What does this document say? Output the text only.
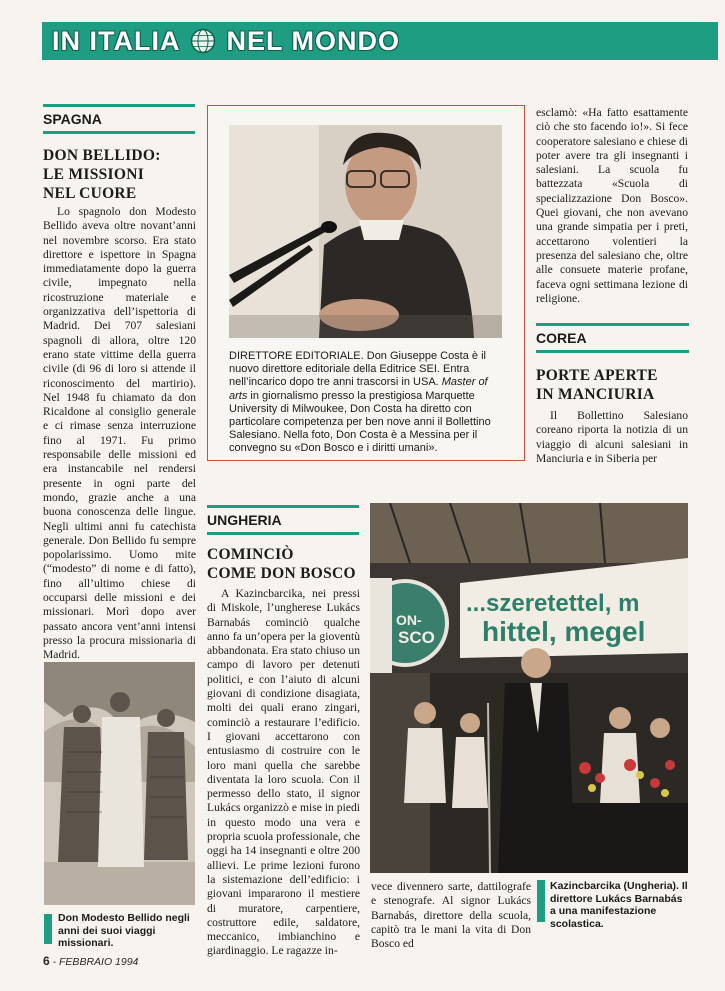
IN ITALIA NEL MONDO
SPAGNA
DON BELLIDO:
LE MISSIONI
NEL CUORE

Lo spagnolo don Modesto Bellido aveva oltre novant’anni nel novembre scorso. Era stato direttore e ispettore in Spagna immediatamente dopo la guerra civile, impegnato nella ricostruzione materiale e organizzativa dell’ispettoria di Madrid. Dei 707 salesiani spagnoli di allora, oltre 120 erano state vittime della guerra civile (di 96 di loro si attende il riconoscimento del martirio). Nel 1948 fu chiamato da don Ricaldone al consiglio generale e ci rimase senza interruzione fino al 1971. Fu primo responsabile delle missioni ed era instancabile nel rendersi presente in ogni parte del mondo, grazie anche a una buona conoscenza delle lingue. Negli ultimi anni fu catechista generale. Don Bellido fu sempre popolarissimo. Uomo mite (“modesto” di nome e di fatto), fino all’ultimo chiese di occuparsi delle missioni e dei missionari. Morì dopo aver passato ancora vent’anni intensi presso la procura missionaria di Madrid.

Don Modesto Bellido negli anni dei suoi viaggi missionari.
DIRETTORE EDITORIALE. Don Giuseppe Costa è il nuovo direttore editoriale della Editrice SEI. Entra nell’incarico dopo tre anni trascorsi in USA. Master of arts in giornalismo presso la prestigiosa Marquette University di Milwoukee, Don Costa ha diretto con particolare competenza per ben nove anni il Bollettino Salesiano. Nella foto, Don Costa è a Messina per il convegno su «Don Bosco e i diritti umani».

esclamò: «Ha fatto esattamente ciò che sto facendo io!». Si fece cooperatore salesiano e chiese di poter avere tra gli insegnanti i salesiani. La scuola fu battezzata «Scuola di specializzazione Don Bosco». Quei giovani, che non avevano una grande simpatia per i preti, accettarono volentieri la presenza del salesiano che, oltre alle consuete materie profane, faceva ogni settimana lezione di religione.

COREA
PORTE APERTE
IN MANCIURIA

Il Bollettino Salesiano coreano riporta la notizia di un viaggio di alcuni salesiani in Manciuria e in Siberia per

UNGHERIA
COMINCIÒ
COME DON BOSCO

A Kazincbarcika, nei pressi di Miskole, l’ungherese Lukács Barnabás cominciò qualche anno fa un’opera per la gioventù abbandonata. Era stato chiuso un campo di lavoro per detenuti politici, e con l’aiuto di alcuni giovani di condizione disagiata, molti dei quali erano zingari, cominciò a restaurare l’edificio. I giovani accettarono con entusiasmo di costruire con le loro mani quella che sarebbe diventata la loro scuola. Con il permesso dello stato, il signor Lukács organizzò e mise in piedi in questo modo una vera e propria scuola professionale, che oggi ha 14 insegnanti e oltre 200 allievi. Le prime lezioni furono la sistemazione dell’edificio: i giovani impararono il mestiere di muratore, carpentiere, costruttore edile, saldatore, meccanico, imbianchino e giardinaggio. Le ragazze in-

vece divennero sarte, dattilografe e stenografe. Al signor Lukács Barnabás, direttore della scuola, capitò tra le mani la vita di Don Bosco ed

SCO
ON-
...szeretettel, m
hittel, megel
Kazincbarcika (Ungheria). Il direttore Lukács Barnabás a una manifestazione scolastica.
6 - FEBBRAIO 1994
